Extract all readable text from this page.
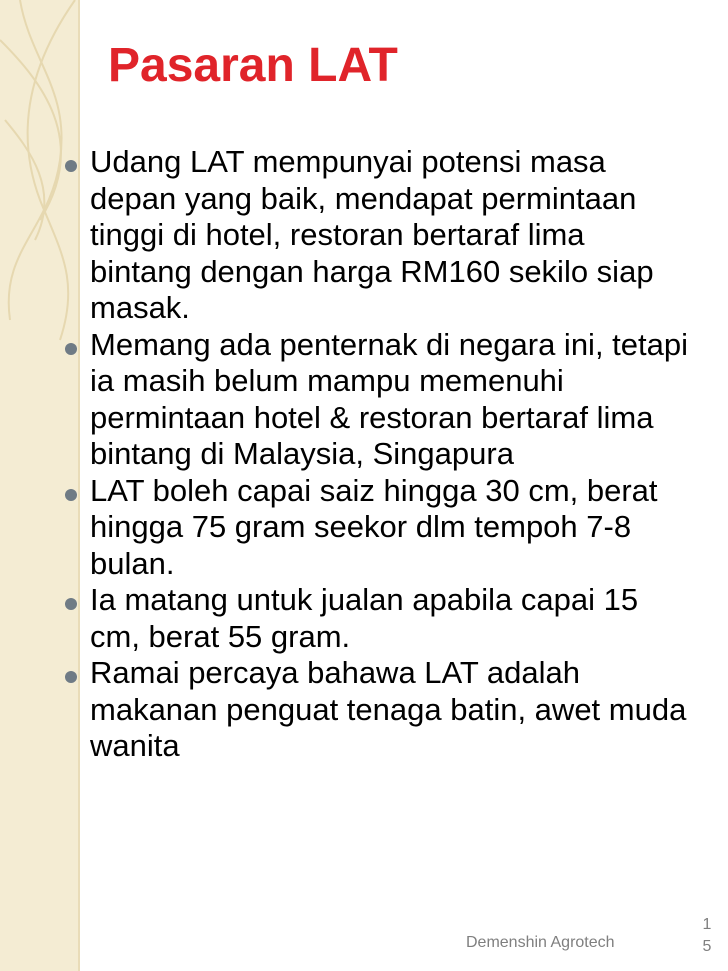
Pasaran LAT
Udang LAT mempunyai potensi masa depan yang baik, mendapat permintaan tinggi di hotel, restoran bertaraf lima bintang dengan harga RM160 sekilo siap masak.
Memang ada penternak di negara ini, tetapi ia masih belum mampu memenuhi permintaan hotel & restoran bertaraf lima bintang di Malaysia, Singapura
LAT boleh capai saiz hingga 30 cm, berat hingga 75 gram seekor dlm tempoh 7-8 bulan.
Ia matang untuk jualan apabila capai 15 cm, berat 55 gram.
Ramai percaya bahawa LAT adalah makanan penguat tenaga batin, awet muda wanita
Demenshin Agrotech
15
